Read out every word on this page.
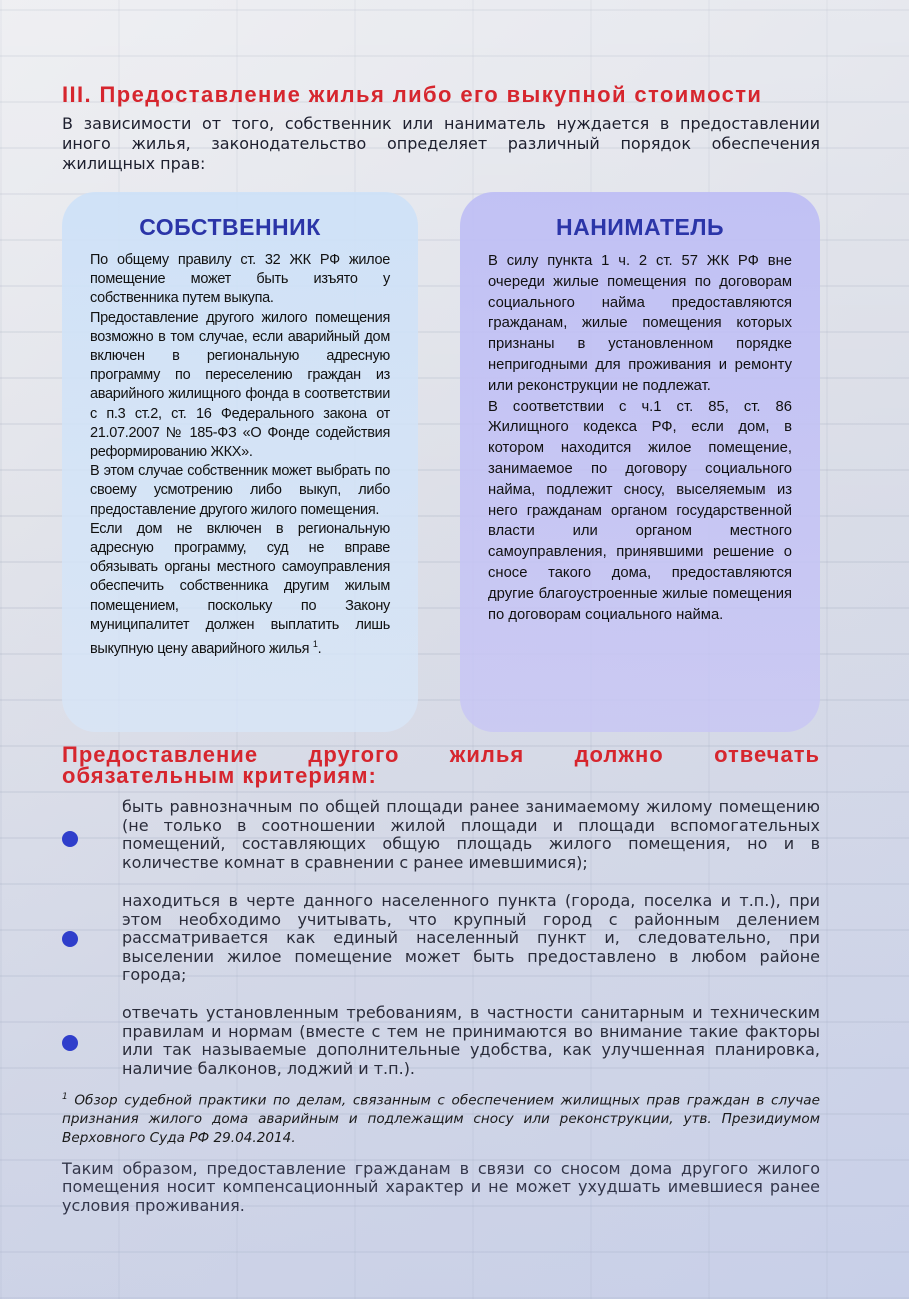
III. Предоставление жилья либо его выкупной стоимости

В зависимости от того, собственник или наниматель нуждается в предоставлении иного жилья, законодательство определяет различный порядок обеспечения жилищных прав:

СОБСТВЕННИК

По общему правилу ст. 32 ЖК РФ жилое помещение может быть изъято у собственника путем выкупа.

Предоставление другого жилого помещения возможно в том случае, если аварийный дом включен в региональную адресную программу по переселению граждан из аварийного жилищного фонда в соответствии с п.3 ст.2, ст. 16 Федерального закона от 21.07.2007 № 185-ФЗ «О Фонде содействия реформированию ЖКХ».

В этом случае собственник может выбрать по своему усмотрению либо выкуп, либо предоставление другого жилого помещения.

Если дом не включен в региональную адресную программу, суд не вправе обязывать органы местного самоуправления обеспечить собственника другим жилым помещением, поскольку по Закону муниципалитет должен выплатить лишь выкупную цену аварийного жилья $^1$.

НАНИМАТЕЛЬ

В силу пункта 1 ч. 2 ст. 57 ЖК РФ вне очереди жилые помещения по договорам социального найма предоставляются гражданам, жилые помещения которых признаны в установленном порядке непригодными для проживания и ремонту или реконструкции не подлежат.

В соответствии с ч.1 ст. 85, ст. 86 Жилищного кодекса РФ, если дом, в котором находится жилое помещение, занимаемое по договору социального найма, подлежит сносу, выселяемым из него гражданам органом государственной власти или органом местного самоуправления, принявшими решение о сносе такого дома, предоставляются другие благоустроенные жилые помещения по договорам социального найма.

Предоставление другого жилья должно отвечать обязательным критериям:

быть равнозначным по общей площади ранее занимаемому жилому помещению (не только в соотношении жилой площади и площади вспомогательных помещений, составляющих общую площадь жилого помещения, но и в количестве комнат в сравнении с ранее имевшимися);

находиться в черте данного населенного пункта (города, поселка и т.п.), при этом необходимо учитывать, что крупный город с районным делением рассматривается как единый населенный пункт и, следовательно, при выселении жилое помещение может быть предоставлено в любом районе города;

отвечать установленным требованиям, в частности санитарным и техническим правилам и нормам (вместе с тем не принимаются во внимание такие факторы или так называемые дополнительные удобства, как улучшенная планировка, наличие балконов, лоджий и т.п.).

$^1$ Обзор судебной практики по делам, связанным с обеспечением жилищных прав граждан в случае признания жилого дома аварийным и подлежащим сносу или реконструкции, утв. Президиумом Верховного Суда РФ 29.04.2014.

Таким образом, предоставление гражданам в связи со сносом дома другого жилого помещения носит компенсационный характер и не может ухудшать имевшиеся ранее условия проживания.
